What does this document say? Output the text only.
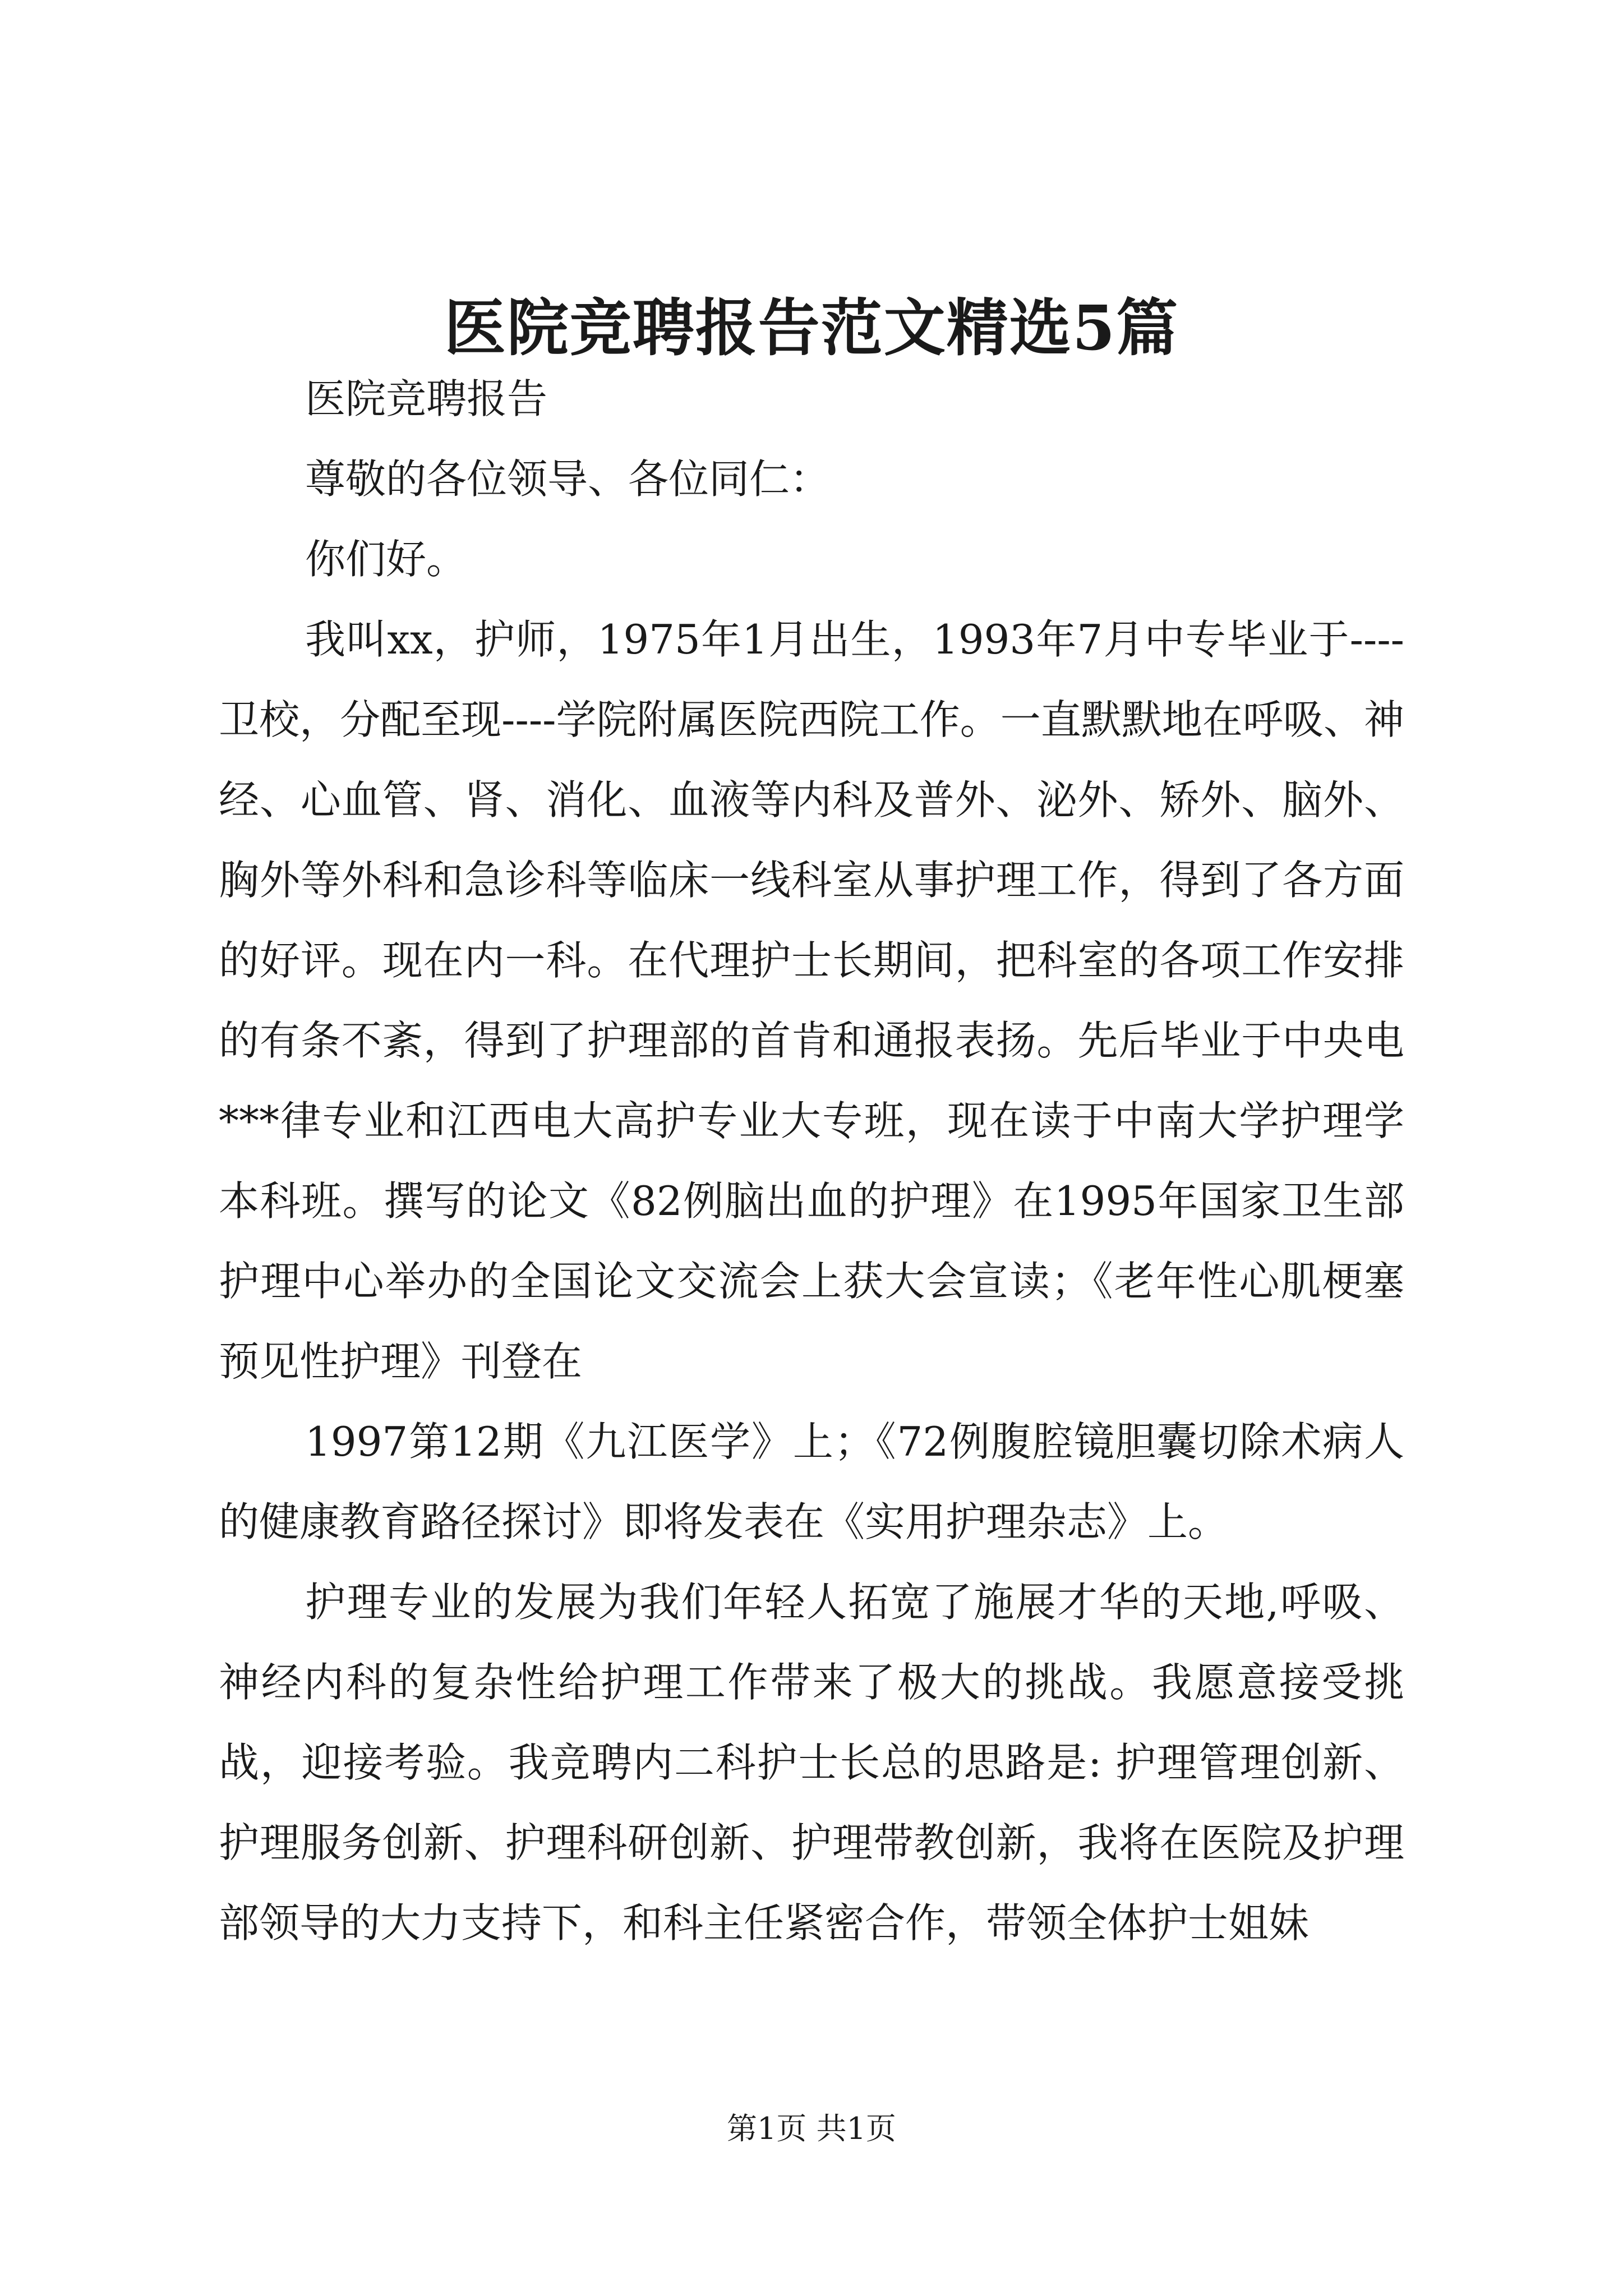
医院竞聘报告范文精选5篇

医院竞聘报告

尊敬的各位领导、各位同仁：

你们好。

我叫xx，护师，1975年1月出生，1993年7月中专毕业于----卫校，分配至现----学院附属医院西院工作。一直默默地在呼吸、神经、心血管、肾、消化、血液等内科及普外、泌外、矫外、脑外、胸外等外科和急诊科等临床一线科室从事护理工作，得到了各方面的好评。现在内一科。在代理护士长期间，把科室的各项工作安排的有条不紊，得到了护理部的首肯和通报表扬。先后毕业于中央电***律专业和江西电大高护专业大专班，现在读于中南大学护理学本科班。撰写的论文《82例脑出血的护理》在1995年国家卫生部护理中心举办的全国论文交流会上获大会宣读；《老年性心肌梗塞预见性护理》刊登在

1997第12期《九江医学》上；《72例腹腔镜胆囊切除术病人的健康教育路径探讨》即将发表在《实用护理杂志》上。

护理专业的发展为我们年轻人拓宽了施展才华的天地,呼吸、神经内科的复杂性给护理工作带来了极大的挑战。我愿意接受挑战，迎接考验。我竞聘内二科护士长总的思路是: 护理管理创新、护理服务创新、护理科研创新、护理带教创新，我将在医院及护理部领导的大力支持下，和科主任紧密合作，带领全体护士姐妹

第1页 共1页
